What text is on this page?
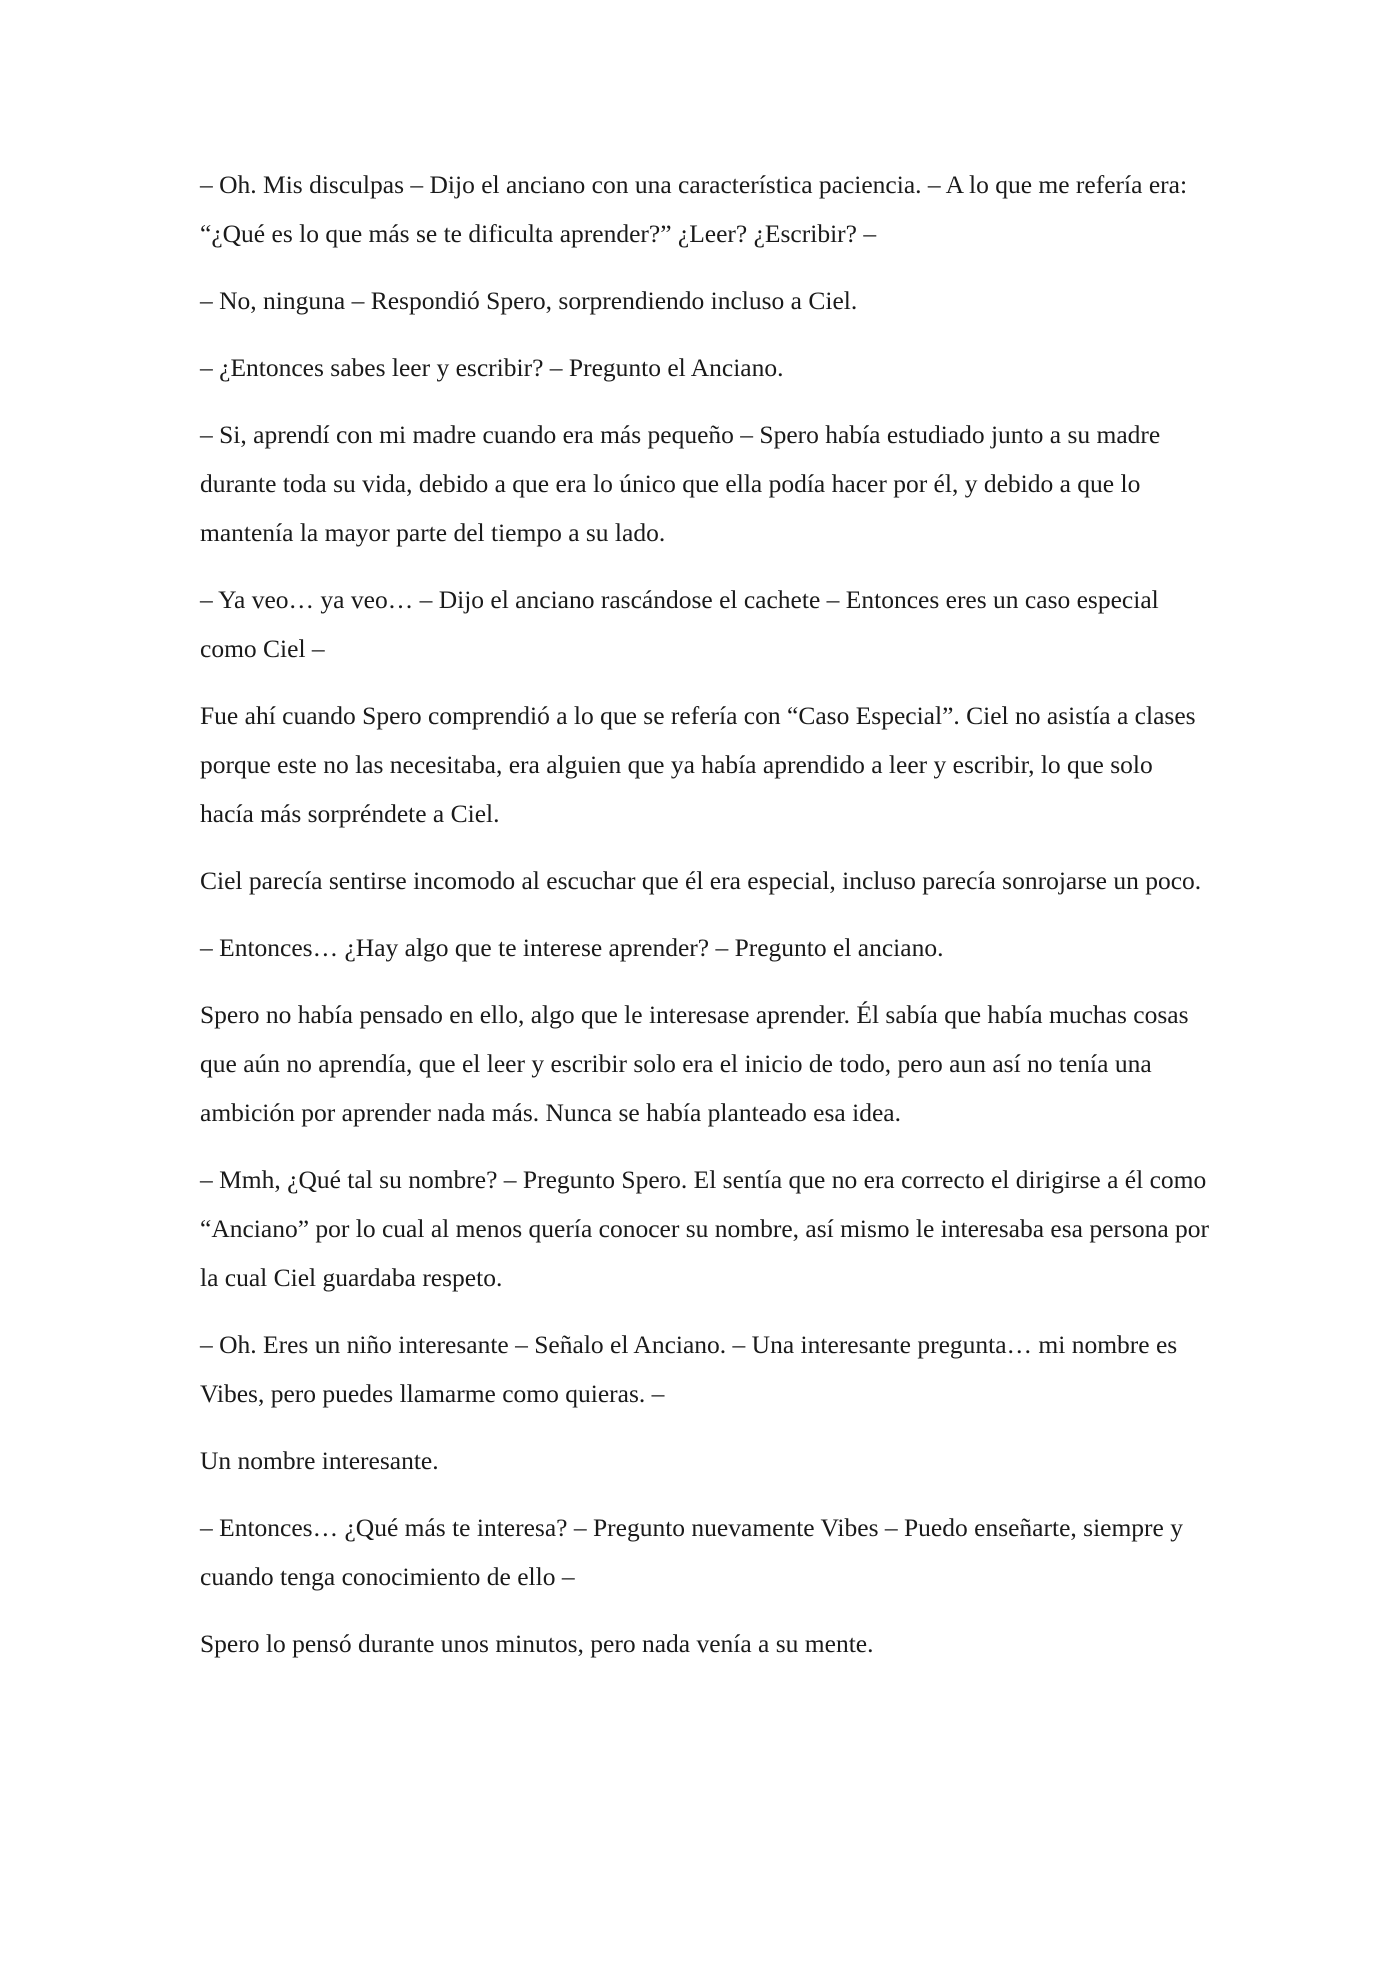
– Oh. Mis disculpas – Dijo el anciano con una característica paciencia. – A lo que me refería era: “¿Qué es lo que más se te dificulta aprender?” ¿Leer? ¿Escribir? –

– No, ninguna – Respondió Spero, sorprendiendo incluso a Ciel.

– ¿Entonces sabes leer y escribir? – Pregunto el Anciano.

– Si, aprendí con mi madre cuando era más pequeño – Spero había estudiado junto a su madre durante toda su vida, debido a que era lo único que ella podía hacer por él, y debido a que lo mantenía la mayor parte del tiempo a su lado.

– Ya veo… ya veo… – Dijo el anciano rascándose el cachete – Entonces eres un caso especial como Ciel –

Fue ahí cuando Spero comprendió a lo que se refería con “Caso Especial”. Ciel no asistía a clases porque este no las necesitaba, era alguien que ya había aprendido a leer y escribir, lo que solo hacía más sorpréndete a Ciel.

Ciel parecía sentirse incomodo al escuchar que él era especial, incluso parecía sonrojarse un poco.

– Entonces… ¿Hay algo que te interese aprender? – Pregunto el anciano.

Spero no había pensado en ello, algo que le interesase aprender. Él sabía que había muchas cosas que aún no aprendía, que el leer y escribir solo era el inicio de todo, pero aun así no tenía una ambición por aprender nada más. Nunca se había planteado esa idea.

– Mmh, ¿Qué tal su nombre? – Pregunto Spero. El sentía que no era correcto el dirigirse a él como “Anciano” por lo cual al menos quería conocer su nombre, así mismo le interesaba esa persona por la cual Ciel guardaba respeto.

– Oh. Eres un niño interesante – Señalo el Anciano. – Una interesante pregunta… mi nombre es Vibes, pero puedes llamarme como quieras. –

Un nombre interesante.

– Entonces… ¿Qué más te interesa? – Pregunto nuevamente Vibes – Puedo enseñarte, siempre y cuando tenga conocimiento de ello –

Spero lo pensó durante unos minutos, pero nada venía a su mente.
